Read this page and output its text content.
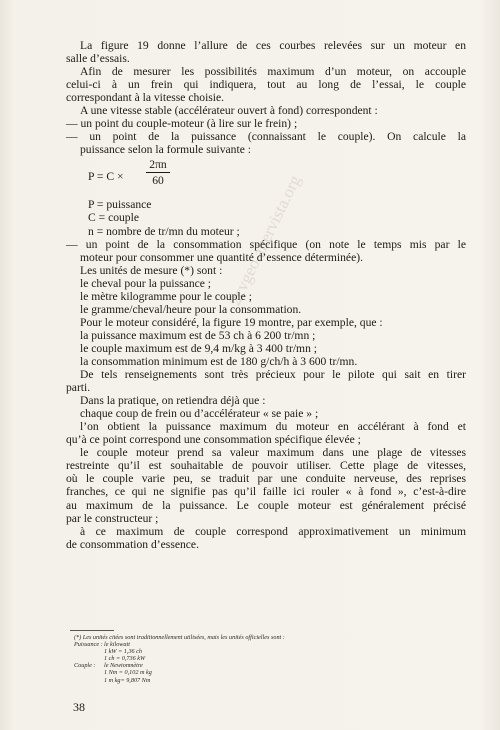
2cvgeo.altervista.org

La figure 19 donne l’allure de ces courbes relevées sur un moteur en

salle d’essais.

Afin de mesurer les possibilités maximum d’un moteur, on accouple

celui-ci à un frein qui indiquera, tout au long de l’essai, le couple

correspondant à la vitesse choisie.

A une vitesse stable (accélérateur ouvert à fond) correspondent :

— un point du couple-moteur (à lire sur le frein) ;

— un point de la puissance (connaissant le couple). On calcule la

puissance selon la formule suivante :

$P = C \times \frac{2\pi n}{60}$

P = puissance

C = couple

n = nombre de tr/mn du moteur ;

— un point de la consommation spécifique (on note le temps mis par le

moteur pour consommer une quantité d’essence déterminée).

Les unités de mesure (*) sont :

le cheval pour la puissance ;

le mètre kilogramme pour le couple ;

le gramme/cheval/heure pour la consommation.

Pour le moteur considéré, la figure 19 montre, par exemple, que :

la puissance maximum est de 53 ch à 6 200 tr/mn ;

le couple maximum est de 9,4 m/kg à 3 400 tr/mn ;

la consommation minimum est de 180 g/ch/h à 3 600 tr/mn.

De tels renseignements sont très précieux pour le pilote qui sait en tirer

parti.

Dans la pratique, on retiendra déjà que :

chaque coup de frein ou d’accélérateur « se paie » ;

l’on obtient la puissance maximum du moteur en accélérant à fond et

qu’à ce point correspond une consommation spécifique élevée ;

le couple moteur prend sa valeur maximum dans une plage de vitesses

restreinte qu’il est souhaitable de pouvoir utiliser. Cette plage de vitesses,

où le couple varie peu, se traduit par une conduite nerveuse, des reprises

franches, ce qui ne signifie pas qu’il faille ici rouler « à fond », c’est-à-dire

au maximum de la puissance. Le couple moteur est généralement précisé

par le constructeur ;

à ce maximum de couple correspond approximativement un minimum

de consommation d’essence.

(*) Les unités citées sont traditionnellement utilisées, mais les unités officielles sont :
Puissance : le kilowatt
1 kW = 1,36 ch
1 ch = 0,736 kW
Couple :	le Newtonmètre
1 Nm = 0,102 m kg
1 m kg= 9,807 Nm
38
